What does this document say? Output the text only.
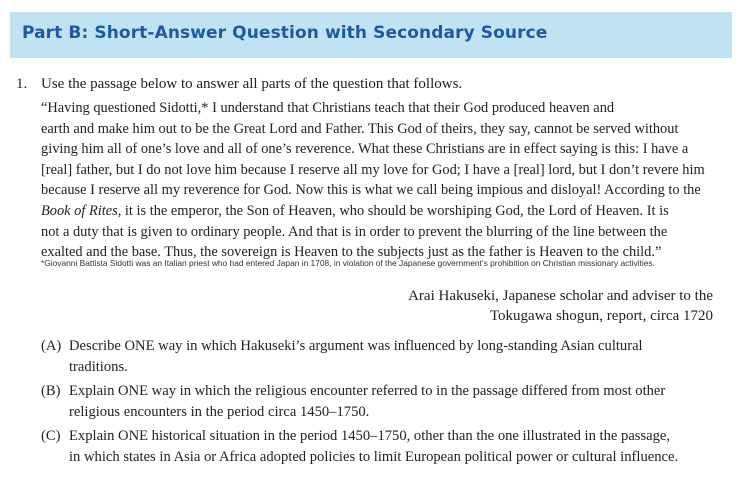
Part B: Short-Answer Question with Secondary Source
1. Use the passage below to answer all parts of the question that follows.
“Having questioned Sidotti,* I understand that Christians teach that their God produced heaven and
earth and make him out to be the Great Lord and Father. This God of theirs, they say, cannot be served without
giving him all of one’s love and all of one’s reverence. What these Christians are in effect saying is this: I have a
[real] father, but I do not love him because I reserve all my love for God; I have a [real] lord, but I don’t revere him
because I reserve all my reverence for God. Now this is what we call being impious and disloyal! According to the
Book of Rites, it is the emperor, the Son of Heaven, who should be worshiping God, the Lord of Heaven. It is
not a duty that is given to ordinary people. And that is in order to prevent the blurring of the line between the
exalted and the base. Thus, the sovereign is Heaven to the subjects just as the father is Heaven to the child.”
*Giovanni Battista Sidotti was an Italian priest who had entered Japan in 1708, in violation of the Japanese government’s prohibition on Christian missionary activities.
Arai Hakuseki, Japanese scholar and adviser to the
Tokugawa shogun, report, circa 1720
(A) Describe ONE way in which Hakuseki’s argument was influenced by long-standing Asian cultural traditions.
(B) Explain ONE way in which the religious encounter referred to in the passage differed from most other religious encounters in the period circa 1450–1750.
(C) Explain ONE historical situation in the period 1450–1750, other than the one illustrated in the passage, in which states in Asia or Africa adopted policies to limit European political power or cultural influence.
